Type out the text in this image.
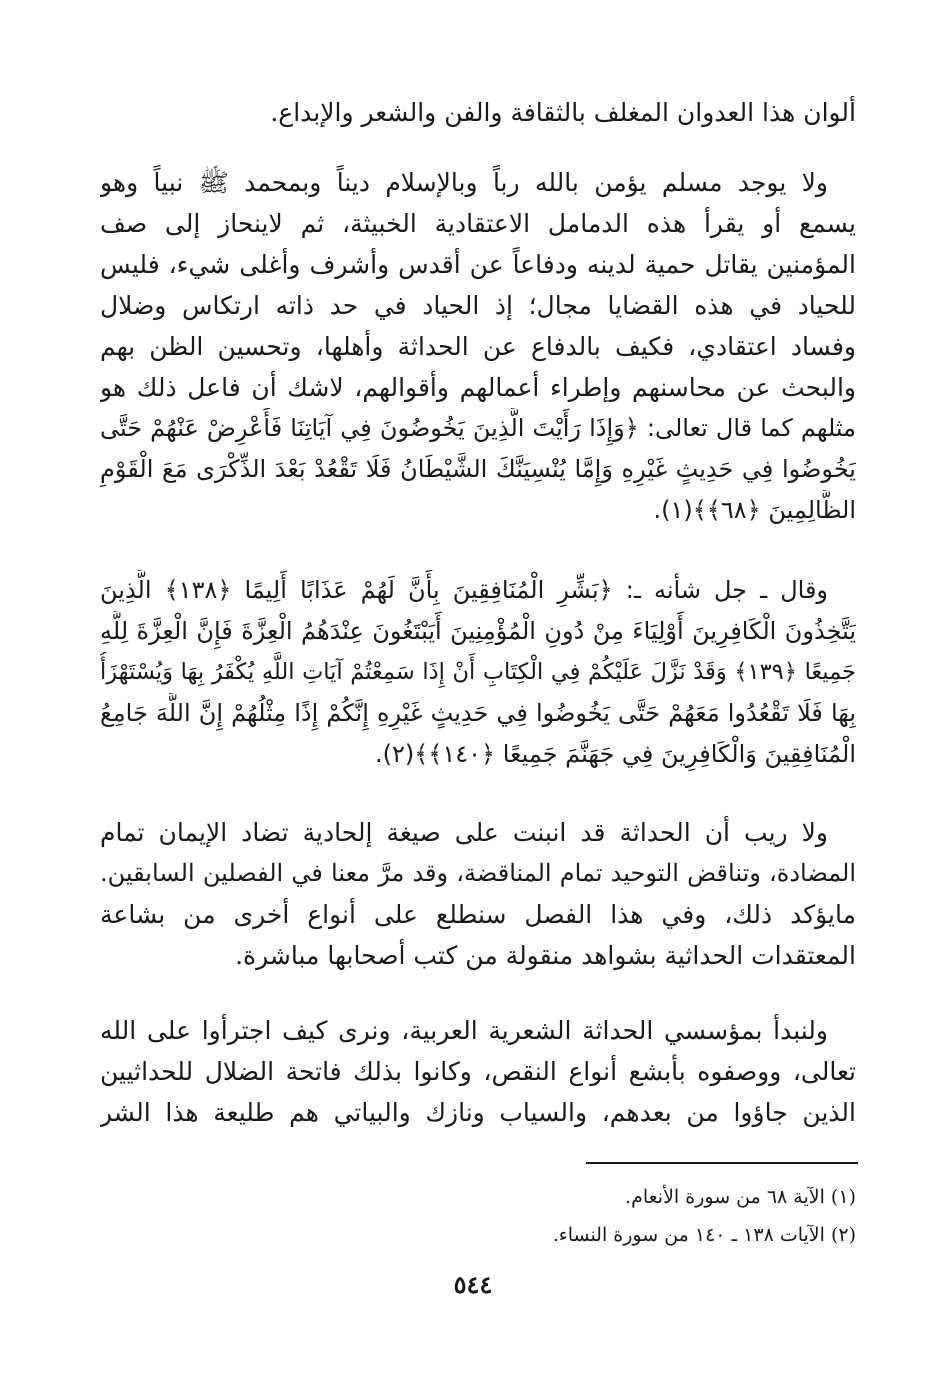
ألوان هذا العدوان المغلف بالثقافة والفن والشعر والإبداع.
ولا يوجد مسلم يؤمن بالله رباً وبالإسلام ديناً وبمحمد ﷺ نبياً وهو
يسمع أو يقرأ هذه الدمامل الاعتقادية الخبيثة، ثم لاينحاز إلى صف
المؤمنين يقاتل حمية لدينه ودفاعاً عن أقدس وأشرف وأغلى شيء، فليس
للحياد في هذه القضايا مجال؛ إذ الحياد في حد ذاته ارتكاس وضلال
وفساد اعتقادي، فكيف بالدفاع عن الحداثة وأهلها، وتحسين الظن بهم
والبحث عن محاسنهم وإطراء أعمالهم وأقوالهم، لاشك أن فاعل ذلك هو
مثلهم كما قال تعالى: ﴿وَإِذَا رَأَيْتَ الَّذِينَ يَخُوضُونَ فِي آيَاتِنَا فَأَعْرِضْ عَنْهُمْ حَتَّى
يَخُوضُوا فِي حَدِيثٍ غَيْرِهِ وَإِمَّا يُنْسِيَنَّكَ الشَّيْطَانُ فَلَا تَقْعُدْ بَعْدَ الذِّكْرَى مَعَ الْقَوْمِ
الظَّالِمِينَ ﴿٦٨﴾﴾(١).
وقال ـ جل شأنه ـ: ﴿بَشِّرِ الْمُنَافِقِينَ بِأَنَّ لَهُمْ عَذَابًا أَلِيمًا ﴿١٣٨﴾ الَّذِينَ
يَتَّخِذُونَ الْكَافِرِينَ أَوْلِيَاءَ مِنْ دُونِ الْمُؤْمِنِينَ أَيَبْتَغُونَ عِنْدَهُمُ الْعِزَّةَ فَإِنَّ الْعِزَّةَ لِلَّهِ
جَمِيعًا ﴿١٣٩﴾ وَقَدْ نَزَّلَ عَلَيْكُمْ فِي الْكِتَابِ أَنْ إِذَا سَمِعْتُمْ آيَاتِ اللَّهِ يُكْفَرُ بِهَا وَيُسْتَهْزَأُ
بِهَا فَلَا تَقْعُدُوا مَعَهُمْ حَتَّى يَخُوضُوا فِي حَدِيثٍ غَيْرِهِ إِنَّكُمْ إِذًا مِثْلُهُمْ إِنَّ اللَّهَ جَامِعُ
الْمُنَافِقِينَ وَالْكَافِرِينَ فِي جَهَنَّمَ جَمِيعًا ﴿١٤٠﴾﴾(٢).
ولا ريب أن الحداثة قد انبنت على صيغة إلحادية تضاد الإيمان تمام
المضادة، وتناقض التوحيد تمام المناقضة، وقد مرَّ معنا في الفصلين السابقين.
مايؤكد ذلك، وفي هذا الفصل سنطلع على أنواع أخرى من بشاعة
المعتقدات الحداثية بشواهد منقولة من كتب أصحابها مباشرة.
ولنبدأ بمؤسسي الحداثة الشعرية العربية، ونرى كيف اجترأوا على الله
تعالى، ووصفوه بأبشع أنواع النقص، وكانوا بذلك فاتحة الضلال للحداثيين
الذين جاؤوا من بعدهم، والسياب ونازك والبياتي هم طليعة هذا الشر
(١) الآية ٦٨ من سورة الأنعام.
(٢) الآيات ١٣٨ ـ ١٤٠ من سورة النساء.
٥٤٤
